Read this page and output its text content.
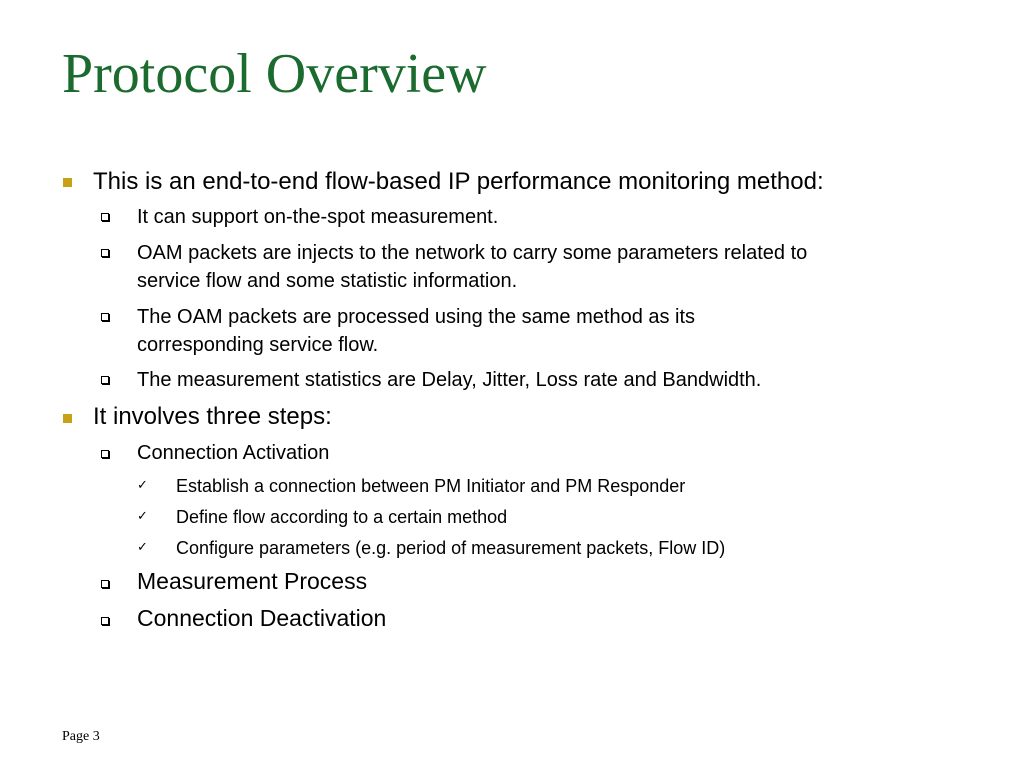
Protocol Overview
This is an end-to-end flow-based IP performance monitoring method:
It can support on-the-spot measurement.
OAM packets are injects to the network to carry some parameters related to
service flow and some statistic information.
The OAM packets are processed using the same method as its
corresponding service flow.
The measurement statistics are Delay, Jitter, Loss rate and Bandwidth.
It involves three steps:
Connection Activation
✓ Establish a connection between PM Initiator and PM Responder
✓ Define flow according to a certain method
✓ Configure parameters (e.g. period of measurement packets, Flow ID)
Measurement Process
Connection Deactivation
Page 3
